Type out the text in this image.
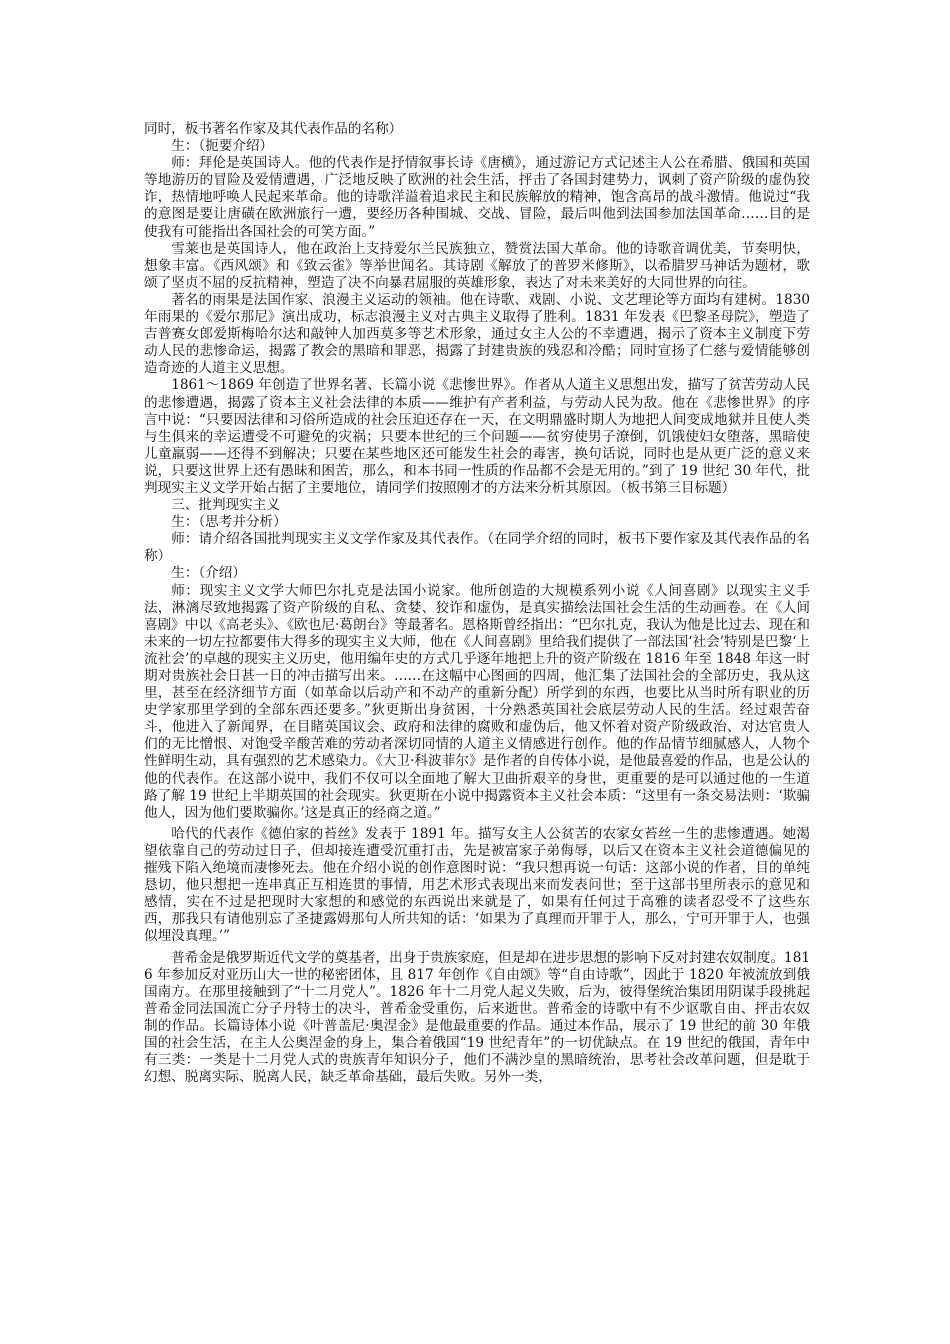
同时，板书著名作家及其代表作品的名称）

生：（扼要介绍）

师：拜伦是英国诗人。他的代表作是抒情叙事长诗《唐横》，通过游记方式记述主人公在希腊、俄国和英国等地游历的冒险及爱情遭遇，广泛地反映了欧洲的社会生活，抨击了各国封建势力，讽刺了资产阶级的虚伪狡诈，热情地呼唤人民起来革命。他的诗歌洋溢着追求民主和民族解放的精神，饱含高昂的战斗激情。他说过“我的意图是要让唐磺在欧洲旅行一遭，要经历各种围城、交战、冒险，最后叫他到法国参加法国革命……目的是使我有可能指出各国社会的可笑方面。”

雪莱也是英国诗人，他在政治上支持爱尔兰民族独立，赞赏法国大革命。他的诗歌音调优美，节奏明快，想象丰富。《西风颂》和《致云雀》等举世闻名。其诗剧《解放了的普罗米修斯》，以希腊罗马神话为题材，歌颂了坚贞不屈的反抗精神，塑造了决不向暴君屈服的英雄形象，表达了对未来美好的大同世界的向往。

著名的雨果是法国作家、浪漫主义运动的领袖。他在诗歌、戏剧、小说、文艺理论等方面均有建树。1830 年雨果的《爱尔那尼》演出成功，标志浪漫主义对古典主义取得了胜利。1831 年发表《巴黎圣母院》，塑造了吉普赛女郎爱斯梅哈尔达和敲钟人加西莫多等艺术形象，通过女主人公的不幸遭遇，揭示了资本主义制度下劳动人民的悲惨命运，揭露了教会的黑暗和罪恶，揭露了封建贵族的残忍和冷酷；同时宣扬了仁慈与爱情能够创造奇迹的人道主义思想。

1861～1869 年创造了世界名著、长篇小说《悲惨世界》。作者从人道主义思想出发，描写了贫苦劳动人民的悲惨遭遇，揭露了资本主义社会法律的本质——维护有产者利益，与劳动人民为敌。他在《悲惨世界》的序言中说：“只要因法律和习俗所造成的社会压迫还存在一天，在文明鼎盛时期人为地把人间变成地狱并且使人类与生俱来的幸运遭受不可避免的灾祸；只要本世纪的三个问题——贫穷使男子潦倒，饥饿使妇女堕落，黑暗使儿童羸弱——还得不到解决；只要在某些地区还可能发生社会的毒害，换句话说，同时也是从更广泛的意义来说，只要这世界上还有愚昧和困苦，那么，和本书同一性质的作品都不会是无用的。”到了 19 世纪 30 年代，批判现实主义文学开始占据了主要地位，请同学们按照刚才的方法来分析其原因。（板书第三目标题）

三、批判现实主义

生：（思考并分析）

师：请介绍各国批判现实主义文学作家及其代表作。（在同学介绍的同时，板书下要作家及其代表作品的名称）

生：（介绍）

师：现实主义文学大师巴尔扎克是法国小说家。他所创造的大规模系列小说《人间喜剧》以现实主义手法，淋漓尽致地揭露了资产阶级的自私、贪婪、狡诈和虚伪，是真实描绘法国社会生活的生动画卷。在《人间喜剧》中以《高老头》、《欧也尼·葛朗台》等最著名。恩格斯曾经指出：“巴尔扎克，我认为他是比过去、现在和未来的一切左拉都要伟大得多的现实主义大师，他在《人间喜剧》里给我们提供了一部法国‘社会’特别是巴黎‘上流社会’的卓越的现实主义历史，他用编年史的方式几乎逐年地把上升的资产阶级在 1816 年至 1848 年这一时期对贵族社会日甚一日的冲击描写出来。……在这幅中心图画的四周，他汇集了法国社会的全部历史，我从这里，甚至在经济细节方面（如革命以后动产和不动产的重新分配）所学到的东西，也要比从当时所有职业的历史学家那里学到的全部东西还要多。”狄更斯出身贫困，十分熟悉英国社会底层劳动人民的生活。经过艰苦奋斗，他进入了新闻界，在目睹英国议会、政府和法律的腐败和虚伪后，他又怀着对资产阶级政治、对达官贵人们的无比憎恨、对饱受辛酸苦难的劳动者深切同情的人道主义情感进行创作。他的作品情节细腻感人，人物个性鲜明生动，具有强烈的艺术感染力。《大卫·科波菲尔》是作者的自传体小说，是他最喜爱的作品，也是公认的他的代表作。在这部小说中，我们不仅可以全面地了解大卫曲折艰辛的身世，更重要的是可以通过他的一生道路了解 19 世纪上半期英国的社会现实。狄更斯在小说中揭露资本主义社会本质：“这里有一条交易法则：‘欺骗他人，因为他们要欺骗你。’这是真正的经商之道。”

哈代的代表作《德伯家的苔丝》发表于 1891 年。描写女主人公贫苦的农家女苔丝一生的悲惨遭遇。她渴望依靠自己的劳动过日子，但却接连遭受沉重打击，先是被富家子弟侮辱，以后又在资本主义社会道德偏见的摧残下陷入绝境而凄惨死去。他在介绍小说的创作意图时说：“我只想再说一句话：这部小说的作者，目的单纯恳切，他只想把一连串真正互相连贯的事情，用艺术形式表现出来而发表问世；至于这部书里所表示的意见和感情，实在不过是把现时大家想的和感觉的东西说出来就是了，如果有任何过于高雅的读者忍受不了这些东西，那我只有请他别忘了圣捷露姆那句人所共知的话：‘如果为了真理而开罪于人，那么，宁可开罪于人，也强似埋没真理。’”

普希金是俄罗斯近代文学的奠基者，出身于贵族家庭，但是却在进步思想的影响下反对封建农奴制度。1816 年参加反对亚历山大一世的秘密团体，且 817 年创作《自由颂》等“自由诗歌”，因此于 1820 年被流放到俄国南方。在那里接触到了“十二月党人”。1826 年十二月党人起义失败，后为，彼得堡统治集团用阴谋手段挑起普希金同法国流亡分子丹特士的决斗，普希金受重伤，后来逝世。普希金的诗歌中有不少讴歌自由、抨击农奴制的作品。长篇诗体小说《叶普盖尼·奥涅金》是他最重要的作品。通过本作品，展示了 19 世纪的前 30 年俄国的社会生活，在主人公奥涅金的身上，集合着俄国“19 世纪青年”的一切优缺点。在 19 世纪的俄国，青年中有三类：一类是十二月党人式的贵族青年知识分子，他们不满沙皇的黑暗统治，思考社会改革问题，但是耽于幻想、脱离实际、脱离人民，缺乏革命基础，最后失败。另外一类，
